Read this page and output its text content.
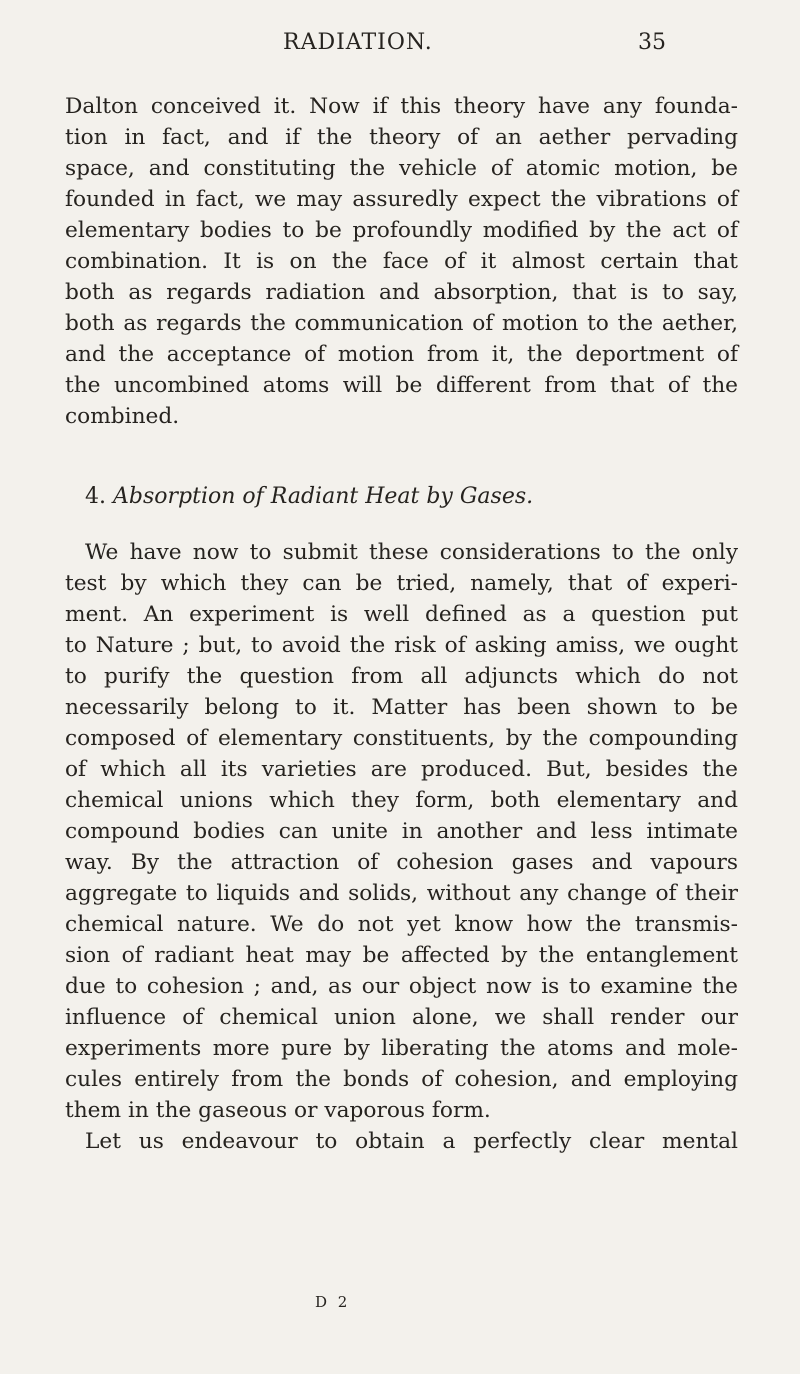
RADIATION.	35
Dalton conceived it. Now if this theory have any founda-
tion in fact, and if the theory of an aether pervading
space, and constituting the vehicle of atomic motion, be
founded in fact, we may assuredly expect the vibrations of
elementary bodies to be profoundly modified by the act of
combination. It is on the face of it almost certain that
both as regards radiation and absorption, that is to say,
both as regards the communication of motion to the aether,
and the acceptance of motion from it, the deportment of
the uncombined atoms will be different from that of the
combined.
4. Absorption of Radiant Heat by Gases.
We have now to submit these considerations to the only
test by which they can be tried, namely, that of experi-
ment. An experiment is well defined as a question put
to Nature ; but, to avoid the risk of asking amiss, we ought
to purify the question from all adjuncts which do not
necessarily belong to it. Matter has been shown to be
composed of elementary constituents, by the compounding
of which all its varieties are produced. But, besides the
chemical unions which they form, both elementary and
compound bodies can unite in another and less intimate
way. By the attraction of cohesion gases and vapours
aggregate to liquids and solids, without any change of their
chemical nature. We do not yet know how the transmis-
sion of radiant heat may be affected by the entanglement
due to cohesion ; and, as our object now is to examine the
influence of chemical union alone, we shall render our
experiments more pure by liberating the atoms and mole-
cules entirely from the bonds of cohesion, and employing
them in the gaseous or vaporous form.
Let us endeavour to obtain a perfectly clear mental
D 2
